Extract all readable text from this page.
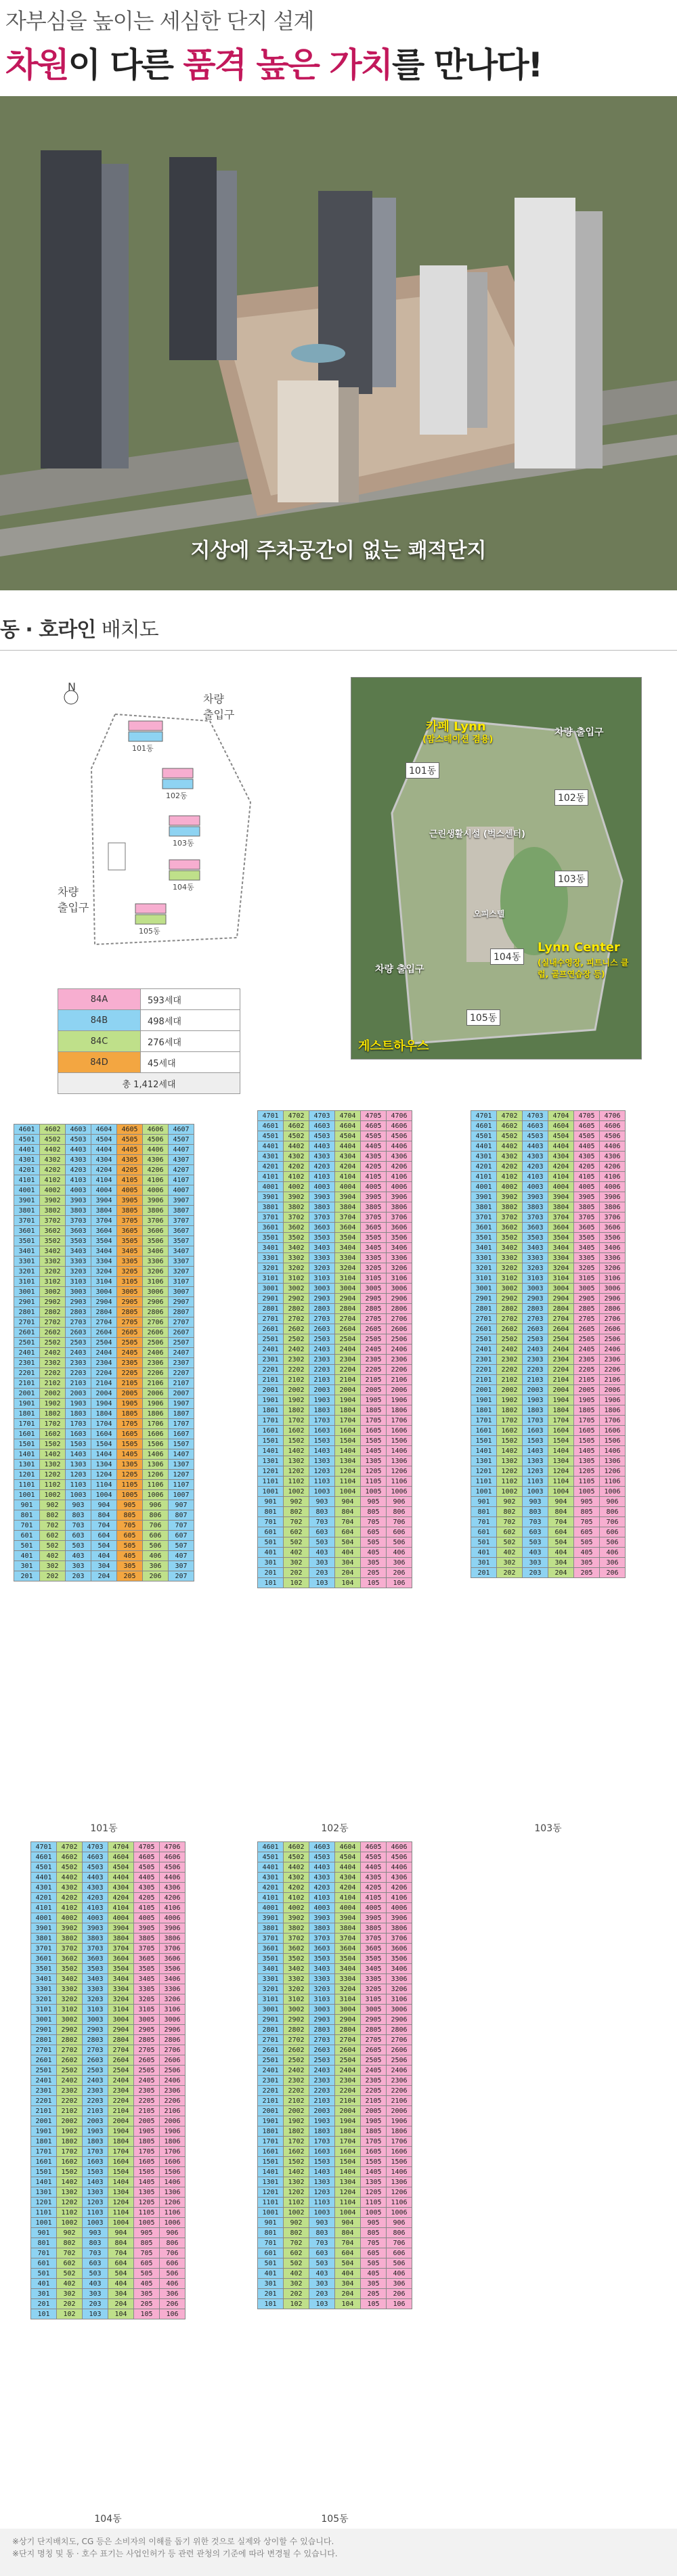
자부심을 높이는 세심한 단지 설계
차원이 다른 품격 높은 가치를 만나다!
지상에 주차공간이 없는 쾌적단지
동 · 호라인 배치도
N
차량
출입구
차량
출입구
101동
102동
103동
104동
105동
84A	593세대
84B	498세대
84C	276세대
84D	45세대
총 1,412세대	
카페 Lynn
(맘스테이션 겸용)
차량 출입구
차량 출입구
근린생활시설 (벅스센터)
오피스텔
Lynn Center
(실내수영장, 피트니스 클럽, 골프연습장 등)
게스트하우스
101동
102동
103동
104동
105동
4601	4602	4603	4604	4605	4606	4607
4501	4502	4503	4504	4505	4506	4507
4401	4402	4403	4404	4405	4406	4407
4301	4302	4303	4304	4305	4306	4307
4201	4202	4203	4204	4205	4206	4207
4101	4102	4103	4104	4105	4106	4107
4001	4002	4003	4004	4005	4006	4007
3901	3902	3903	3904	3905	3906	3907
3801	3802	3803	3804	3805	3806	3807
3701	3702	3703	3704	3705	3706	3707
3601	3602	3603	3604	3605	3606	3607
3501	3502	3503	3504	3505	3506	3507
3401	3402	3403	3404	3405	3406	3407
3301	3302	3303	3304	3305	3306	3307
3201	3202	3203	3204	3205	3206	3207
3101	3102	3103	3104	3105	3106	3107
3001	3002	3003	3004	3005	3006	3007
2901	2902	2903	2904	2905	2906	2907
2801	2802	2803	2804	2805	2806	2807
2701	2702	2703	2704	2705	2706	2707
2601	2602	2603	2604	2605	2606	2607
2501	2502	2503	2504	2505	2506	2507
2401	2402	2403	2404	2405	2406	2407
2301	2302	2303	2304	2305	2306	2307
2201	2202	2203	2204	2205	2206	2207
2101	2102	2103	2104	2105	2106	2107
2001	2002	2003	2004	2005	2006	2007
1901	1902	1903	1904	1905	1906	1907
1801	1802	1803	1804	1805	1806	1807
1701	1702	1703	1704	1705	1706	1707
1601	1602	1603	1604	1605	1606	1607
1501	1502	1503	1504	1505	1506	1507
1401	1402	1403	1404	1405	1406	1407
1301	1302	1303	1304	1305	1306	1307
1201	1202	1203	1204	1205	1206	1207
1101	1102	1103	1104	1105	1106	1107
1001	1002	1003	1004	1005	1006	1007
901	902	903	904	905	906	907
801	802	803	804	805	806	807
701	702	703	704	705	706	707
601	602	603	604	605	606	607
501	502	503	504	505	506	507
401	402	403	404	405	406	407
301	302	303	304	305	306	307
201	202	203	204	205	206	207
101동
4701	4702	4703	4704	4705	4706
4601	4602	4603	4604	4605	4606
4501	4502	4503	4504	4505	4506
4401	4402	4403	4404	4405	4406
4301	4302	4303	4304	4305	4306
4201	4202	4203	4204	4205	4206
4101	4102	4103	4104	4105	4106
4001	4002	4003	4004	4005	4006
3901	3902	3903	3904	3905	3906
3801	3802	3803	3804	3805	3806
3701	3702	3703	3704	3705	3706
3601	3602	3603	3604	3605	3606
3501	3502	3503	3504	3505	3506
3401	3402	3403	3404	3405	3406
3301	3302	3303	3304	3305	3306
3201	3202	3203	3204	3205	3206
3101	3102	3103	3104	3105	3106
3001	3002	3003	3004	3005	3006
2901	2902	2903	2904	2905	2906
2801	2802	2803	2804	2805	2806
2701	2702	2703	2704	2705	2706
2601	2602	2603	2604	2605	2606
2501	2502	2503	2504	2505	2506
2401	2402	2403	2404	2405	2406
2301	2302	2303	2304	2305	2306
2201	2202	2203	2204	2205	2206
2101	2102	2103	2104	2105	2106
2001	2002	2003	2004	2005	2006
1901	1902	1903	1904	1905	1906
1801	1802	1803	1804	1805	1806
1701	1702	1703	1704	1705	1706
1601	1602	1603	1604	1605	1606
1501	1502	1503	1504	1505	1506
1401	1402	1403	1404	1405	1406
1301	1302	1303	1304	1305	1306
1201	1202	1203	1204	1205	1206
1101	1102	1103	1104	1105	1106
1001	1002	1003	1004	1005	1006
901	902	903	904	905	906
801	802	803	804	805	806
701	702	703	704	705	706
601	602	603	604	605	606
501	502	503	504	505	506
401	402	403	404	405	406
301	302	303	304	305	306
201	202	203	204	205	206
101	102	103	104	105	106
102동
4701	4702	4703	4704	4705	4706
4601	4602	4603	4604	4605	4606
4501	4502	4503	4504	4505	4506
4401	4402	4403	4404	4405	4406
4301	4302	4303	4304	4305	4306
4201	4202	4203	4204	4205	4206
4101	4102	4103	4104	4105	4106
4001	4002	4003	4004	4005	4006
3901	3902	3903	3904	3905	3906
3801	3802	3803	3804	3805	3806
3701	3702	3703	3704	3705	3706
3601	3602	3603	3604	3605	3606
3501	3502	3503	3504	3505	3506
3401	3402	3403	3404	3405	3406
3301	3302	3303	3304	3305	3306
3201	3202	3203	3204	3205	3206
3101	3102	3103	3104	3105	3106
3001	3002	3003	3004	3005	3006
2901	2902	2903	2904	2905	2906
2801	2802	2803	2804	2805	2806
2701	2702	2703	2704	2705	2706
2601	2602	2603	2604	2605	2606
2501	2502	2503	2504	2505	2506
2401	2402	2403	2404	2405	2406
2301	2302	2303	2304	2305	2306
2201	2202	2203	2204	2205	2206
2101	2102	2103	2104	2105	2106
2001	2002	2003	2004	2005	2006
1901	1902	1903	1904	1905	1906
1801	1802	1803	1804	1805	1806
1701	1702	1703	1704	1705	1706
1601	1602	1603	1604	1605	1606
1501	1502	1503	1504	1505	1506
1401	1402	1403	1404	1405	1406
1301	1302	1303	1304	1305	1306
1201	1202	1203	1204	1205	1206
1101	1102	1103	1104	1105	1106
1001	1002	1003	1004	1005	1006
901	902	903	904	905	906
801	802	803	804	805	806
701	702	703	704	705	706
601	602	603	604	605	606
501	502	503	504	505	506
401	402	403	404	405	406
301	302	303	304	305	306
201	202	203	204	205	206
103동
4701	4702	4703	4704	4705	4706
4601	4602	4603	4604	4605	4606
4501	4502	4503	4504	4505	4506
4401	4402	4403	4404	4405	4406
4301	4302	4303	4304	4305	4306
4201	4202	4203	4204	4205	4206
4101	4102	4103	4104	4105	4106
4001	4002	4003	4004	4005	4006
3901	3902	3903	3904	3905	3906
3801	3802	3803	3804	3805	3806
3701	3702	3703	3704	3705	3706
3601	3602	3603	3604	3605	3606
3501	3502	3503	3504	3505	3506
3401	3402	3403	3404	3405	3406
3301	3302	3303	3304	3305	3306
3201	3202	3203	3204	3205	3206
3101	3102	3103	3104	3105	3106
3001	3002	3003	3004	3005	3006
2901	2902	2903	2904	2905	2906
2801	2802	2803	2804	2805	2806
2701	2702	2703	2704	2705	2706
2601	2602	2603	2604	2605	2606
2501	2502	2503	2504	2505	2506
2401	2402	2403	2404	2405	2406
2301	2302	2303	2304	2305	2306
2201	2202	2203	2204	2205	2206
2101	2102	2103	2104	2105	2106
2001	2002	2003	2004	2005	2006
1901	1902	1903	1904	1905	1906
1801	1802	1803	1804	1805	1806
1701	1702	1703	1704	1705	1706
1601	1602	1603	1604	1605	1606
1501	1502	1503	1504	1505	1506
1401	1402	1403	1404	1405	1406
1301	1302	1303	1304	1305	1306
1201	1202	1203	1204	1205	1206
1101	1102	1103	1104	1105	1106
1001	1002	1003	1004	1005	1006
901	902	903	904	905	906
801	802	803	804	805	806
701	702	703	704	705	706
601	602	603	604	605	606
501	502	503	504	505	506
401	402	403	404	405	406
301	302	303	304	305	306
201	202	203	204	205	206
101	102	103	104	105	106
104동
4601	4602	4603	4604	4605	4606
4501	4502	4503	4504	4505	4506
4401	4402	4403	4404	4405	4406
4301	4302	4303	4304	4305	4306
4201	4202	4203	4204	4205	4206
4101	4102	4103	4104	4105	4106
4001	4002	4003	4004	4005	4006
3901	3902	3903	3904	3905	3906
3801	3802	3803	3804	3805	3806
3701	3702	3703	3704	3705	3706
3601	3602	3603	3604	3605	3606
3501	3502	3503	3504	3505	3506
3401	3402	3403	3404	3405	3406
3301	3302	3303	3304	3305	3306
3201	3202	3203	3204	3205	3206
3101	3102	3103	3104	3105	3106
3001	3002	3003	3004	3005	3006
2901	2902	2903	2904	2905	2906
2801	2802	2803	2804	2805	2806
2701	2702	2703	2704	2705	2706
2601	2602	2603	2604	2605	2606
2501	2502	2503	2504	2505	2506
2401	2402	2403	2404	2405	2406
2301	2302	2303	2304	2305	2306
2201	2202	2203	2204	2205	2206
2101	2102	2103	2104	2105	2106
2001	2002	2003	2004	2005	2006
1901	1902	1903	1904	1905	1906
1801	1802	1803	1804	1805	1806
1701	1702	1703	1704	1705	1706
1601	1602	1603	1604	1605	1606
1501	1502	1503	1504	1505	1506
1401	1402	1403	1404	1405	1406
1301	1302	1303	1304	1305	1306
1201	1202	1203	1204	1205	1206
1101	1102	1103	1104	1105	1106
1001	1002	1003	1004	1005	1006
901	902	903	904	905	906
801	802	803	804	805	806
701	702	703	704	705	706
601	602	603	604	605	606
501	502	503	504	505	506
401	402	403	404	405	406
301	302	303	304	305	306
201	202	203	204	205	206
101	102	103	104	105	106
105동
※상기 단지배치도, CG 등은 소비자의 이해를 돕기 위한 것으로 실제와 상이할 수 있습니다.
※단지 명칭 및 동 · 호수 표기는 사업인허가 등 관련 관청의 기준에 따라 변경될 수 있습니다.
